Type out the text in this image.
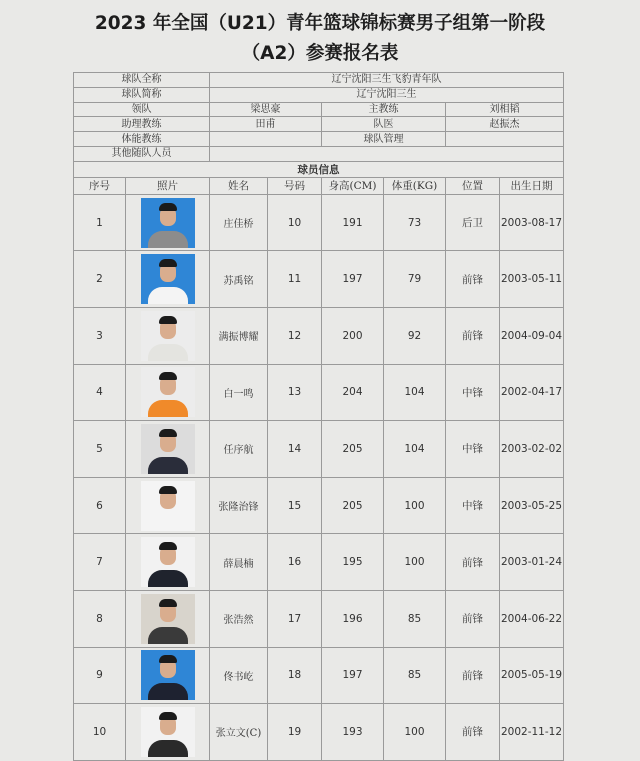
2023 年全国（U21）青年篮球锦标赛男子组第一阶段
（A2）参赛报名表
球队全称		辽宁沈阳三生飞豹青年队					
球队简称		辽宁沈阳三生					
领队		梁思豪		主教练		刘相韬	
助理教练		田甫		队医		赵振杰	
体能教练				球队管理			
其他随队人员							
球员信息							
序号	照片	姓名	号码	身高(CM)	体重(KG)	位置	出生日期
1		庄佳桥	10	191	73	后卫	2003-08-17
2		苏禹铭	11	197	79	前锋	2003-05-11
3		满振博耀	12	200	92	前锋	2004-09-04
4		白一鸣	13	204	104	中锋	2002-04-17
5		任序航	14	205	104	中锋	2003-02-02
6		张隆治锋	15	205	100	中锋	2003-05-25
7		薛晨楠	16	195	100	前锋	2003-01-24
8		张浩然	17	196	85	前锋	2004-06-22
9		佟书屹	18	197	85	前锋	2005-05-19
10		张立文(C)	19	193	100	前锋	2002-11-12
